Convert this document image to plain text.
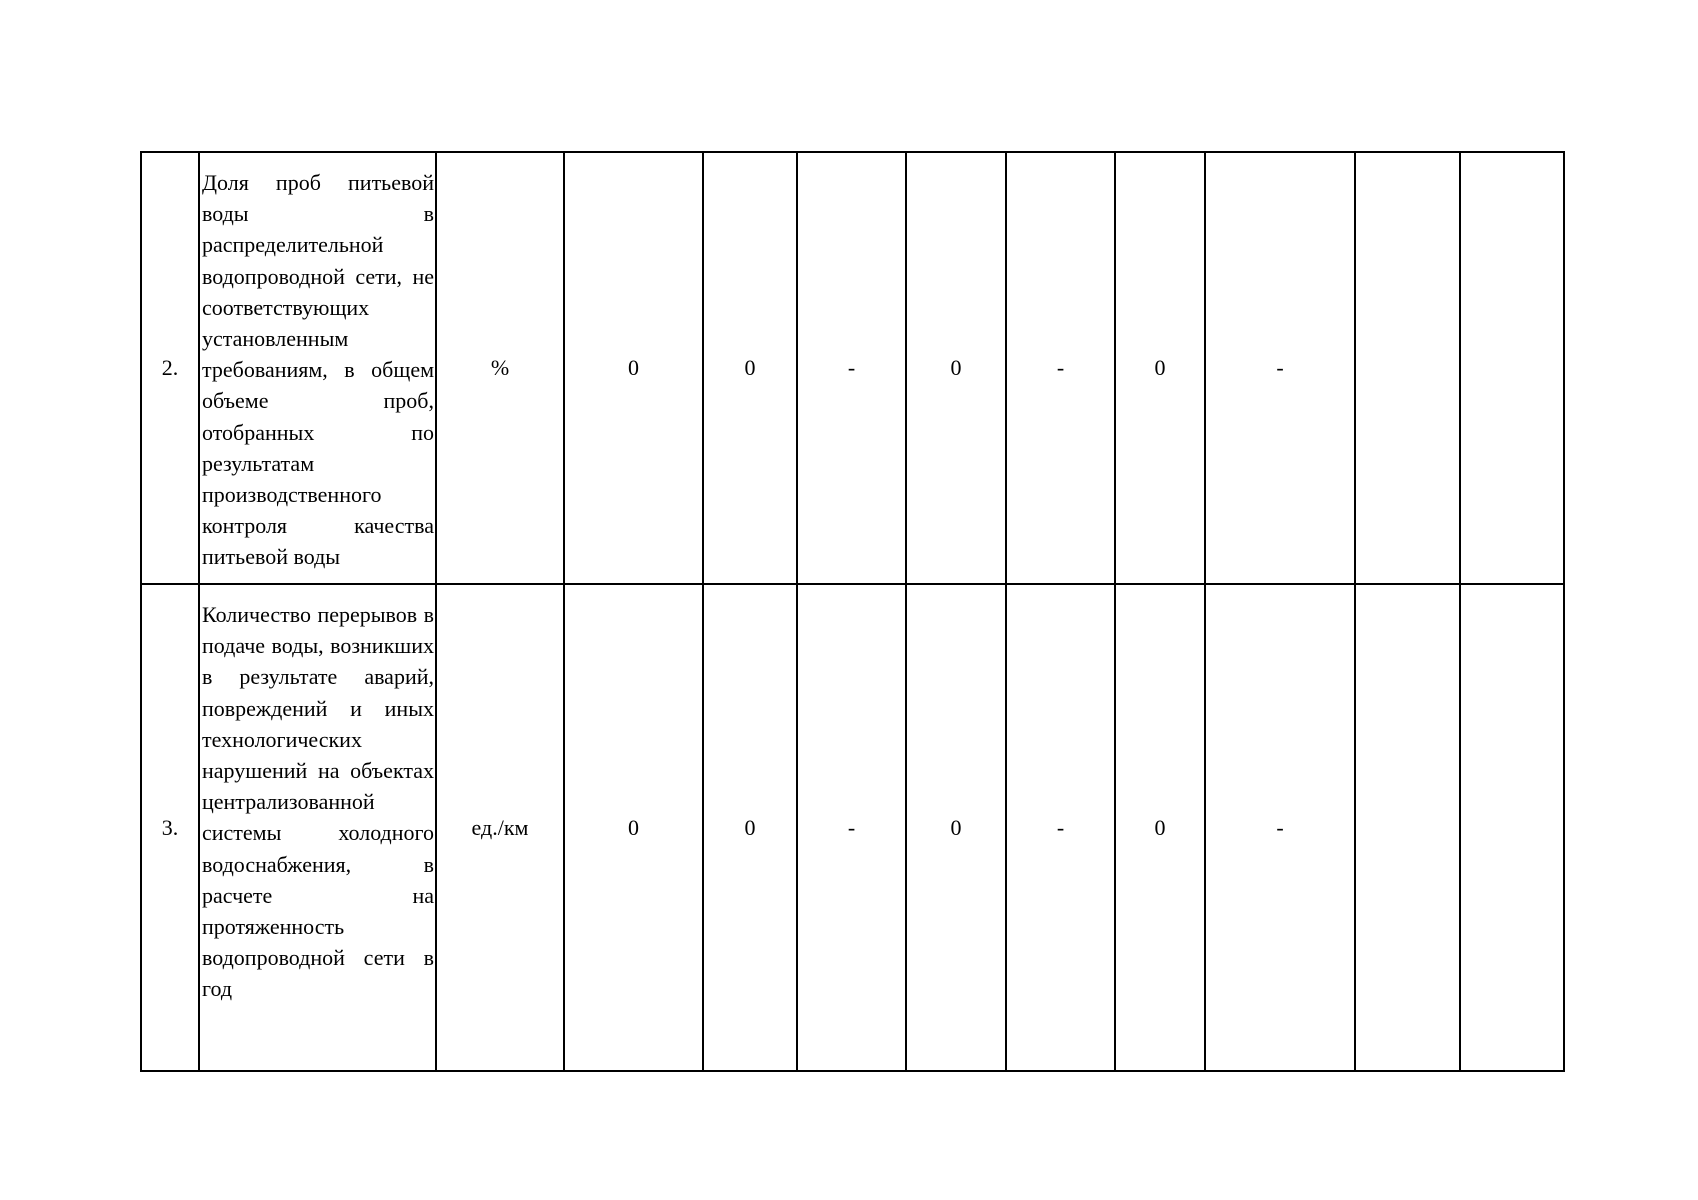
2.	Доля проб питьевой воды в распределительной водопроводной сети, не соответствующих установленным требованиям, в общем объеме проб, отобранных по результатам производственного контроля качества питьевой воды	%	0	0	-	0	-	0	-		
3.	Количество перерывов в подаче воды, возникших в результате аварий, повреждений и иных технологических нарушений на объектах централизованной системы холодного водоснабжения, в расчете на протяженность водопроводной сети в год	ед./км	0	0	-	0	-	0	-		
